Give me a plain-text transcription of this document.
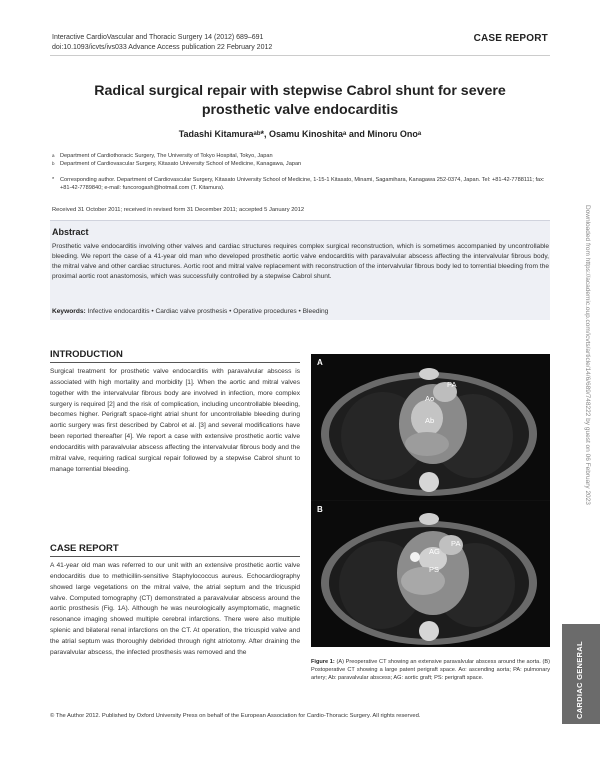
Interactive CardioVascular and Thoracic Surgery 14 (2012) 689–691
doi:10.1093/icvts/ivs033 Advance Access publication 22 February 2012
CASE REPORT
Radical surgical repair with stepwise Cabrol shunt for severe prosthetic valve endocarditis
Tadashi Kitamuraᵃᵇ*, Osamu Kinoshitaᵃ and Minoru Onoᵃ
a Department of Cardiothoracic Surgery, The University of Tokyo Hospital, Tokyo, Japan
b Department of Cardiovascular Surgery, Kitasato University School of Medicine, Kanagawa, Japan
*	Corresponding author. Department of Cardiovascular Surgery, Kitasato University School of Medicine, 1-15-1 Kitasato, Minami, Sagamihara, Kanagawa 252-0374, Japan. Tel: +81-42-7788111; fax: +81-42-7789840; e-mail: funcorogash@hotmail.com (T. Kitamura).
Received 31 October 2011; received in revised form 31 December 2011; accepted 5 January 2012
Abstract
Prosthetic valve endocarditis involving other valves and cardiac structures requires complex surgical reconstruction, which is sometimes accompanied by uncontrollable bleeding. We report the case of a 41-year old man who developed prosthetic aortic valve endocarditis with paravalvular abscess affecting the intervalvular fibrous body, the mitral valve and other cardiac structures. Aortic root and mitral valve replacement with reconstruction of the intervalvular fibrous body led to torrential bleeding from the proximal aortic root anastomosis, which was successfully controlled by a stepwise Cabrol shunt.
Keywords: Infective endocarditis • Cardiac valve prosthesis • Operative procedures • Bleeding
INTRODUCTION
Surgical treatment for prosthetic valve endocarditis with paravalvular abscess is associated with high mortality and morbidity [1]. When the aortic and mitral valves together with the intervalvular fibrous body are involved in infection, more complex surgery is required [2] and the risk of complication, including uncontrollable bleeding, becomes higher. Perigraft space-right atrial shunt for uncontrollable bleeding during aortic surgery was first described by Cabrol et al. [3] and several modifications have been reported thereafter [4]. We report a case with extensive prosthetic aortic valve endocarditis with paravalvular abscess affecting the intervalvular fibrous body and the mitral valve, requiring radical surgical repair followed by a stepwise Cabrol shunt to manage torrential bleeding.
CASE REPORT
A 41-year old man was referred to our unit with an extensive prosthetic aortic valve endocarditis due to methicillin-sensitive Staphylococcus aureus. Echocardiography showed large vegetations on the mitral valve, the atrial septum and the tricuspid valve. Computed tomography (CT) demonstrated a paravalvular abscess around the aortic prosthesis (Fig. 1A). Although he was neurologically asymptomatic, magnetic resonance imaging showed multiple cerebral infarctions. There were also multiple splenic and bilateral renal infarctions on the CT. At operation, the tricuspid valve and the atrial septum was thoroughly debrided through right atriotomy. After draining the paravalvular abscess, the infected prosthesis was removed and the
A
PA
Ao
Ab
B
PA
AG
PS
Figure 1: (A) Preoperative CT showing an extensive paravalvular abscess around the aorta. (B) Postoperative CT showing a large patent perigraft space. Ao: ascending aorta; PA: pulmonary artery; Ab: paravalvular abscess; AG: aortic graft; PS: perigraft space.
© The Author 2012. Published by Oxford University Press on behalf of the European Association for Cardio-Thoracic Surgery. All rights reserved.
Downloaded from https://academic.oup.com/icvts/article/14/6/689/748222 by guest on 06 February 2023
CARDIAC GENERAL
